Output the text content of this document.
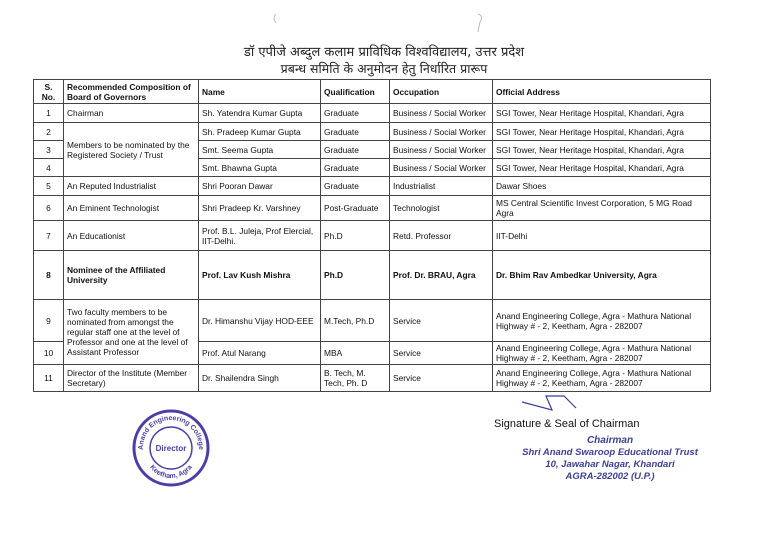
डॉ एपीजे अब्दुल कलाम प्राविधिक विश्वविद्यालय, उत्तर प्रदेश
प्रबन्ध समिति के अनुमोदन हेतु निर्धारित प्रारूप
S. No.	Recommended Composition of Board of Governors	Name	Qualification	Occupation	Official Address
1	Chairman	Sh. Yatendra Kumar Gupta	Graduate	Business / Social Worker	SGI Tower, Near Heritage Hospital, Khandari, Agra
2	Members to be nominated by the Registered Society / Trust	Sh. Pradeep Kumar Gupta	Graduate	Business / Social Worker	SGI Tower, Near Heritage Hospital, Khandari, Agra
3		Smt. Seema Gupta	Graduate	Business / Social Worker	SGI Tower, Near Heritage Hospital, Khandari, Agra
4		Smt. Bhawna Gupta	Graduate	Business / Social Worker	SGI Tower, Near Heritage Hospital, Khandari, Agra
5	An Reputed Industrialist	Shri Pooran Dawar	Graduate	Industrialist	Dawar Shoes
6	An Eminent Technologist	Shri Pradeep Kr. Varshney	Post-Graduate	Technologist	MS Central Scientific Invest Corporation, 5 MG Road Agra
7	An Educationist	Prof. B.L. Juleja, Prof Elercial, IIT-Delhi.	Ph.D	Retd. Professor	IIT-Delhi
8	Nominee of the Affiliated University	Prof. Lav Kush Mishra	Ph.D	Prof. Dr. BRAU, Agra	Dr. Bhim Rav Ambedkar University, Agra
9	Two faculty members to be nominated from amongst the regular staff one at the level of Professor and one at the level of Assistant Professor	Dr. Himanshu Vijay HOD-EEE	M.Tech, Ph.D	Service	Anand Engineering College, Agra - Mathura National Highway # - 2, Keetham, Agra - 282007
10		Prof. Atul Narang	MBA	Service	Anand Engineering College, Agra - Mathura National Highway # - 2, Keetham, Agra - 282007
11	Director of the Institute (Member Secretary)	Dr. Shailendra Singh	B. Tech, M. Tech, Ph. D	Service	Anand Engineering College, Agra - Mathura National Highway # - 2, Keetham, Agra - 282007
Anand Engineering College
Keetham, Agra
Director
Signature & Seal of Chairman
Chairman
Shri Anand Swaroop Educational Trust
10, Jawahar Nagar, Khandari
AGRA-282002 (U.P.)
